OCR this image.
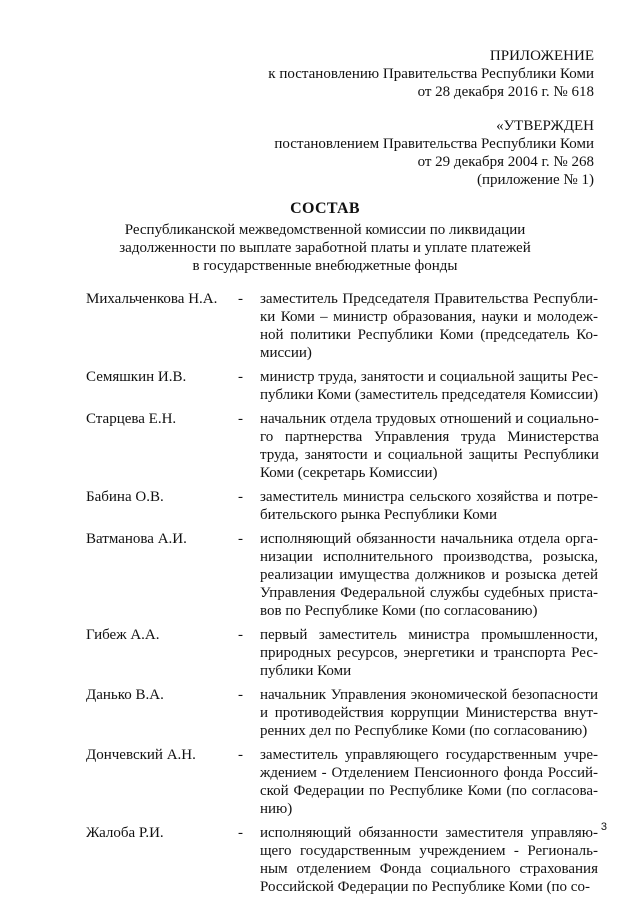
ПРИЛОЖЕНИЕ
к постановлению Правительства Республики Коми
от 28 декабря 2016 г. № 618
«УТВЕРЖДЕН
постановлением Правительства Республики Коми
от 29 декабря 2004 г. № 268
(приложение № 1)
СОСТАВ
Республиканской межведомственной комиссии по ликвидации
задолженности по выплате заработной платы и уплате платежей
в государственные внебюджетные фонды
Михальченкова Н.А.	-	заместитель Председателя Правительства Республи-
ки Коми – министр образования, науки и молодеж-
ной политики Республики Коми (председатель Ко-
миссии)
Семяшкин И.В.	-	министр труда, занятости и социальной защиты Рес-
публики Коми (заместитель председателя Комиссии)
Старцева Е.Н.	-	начальник отдела трудовых отношений и социально-
го партнерства Управления труда Министерства
труда, занятости и социальной защиты Республики
Коми (секретарь Комиссии)
Бабина О.В.	-	заместитель министра сельского хозяйства и потре-
бительского рынка Республики Коми
Ватманова А.И.	-	исполняющий обязанности начальника отдела орга-
низации исполнительного производства, розыска,
реализации имущества должников и розыска детей
Управления Федеральной службы судебных приста-
вов по Республике Коми (по согласованию)
Гибеж А.А.	-	первый заместитель министра промышленности,
природных ресурсов, энергетики и транспорта Рес-
публики Коми
Данько В.А.	-	начальник Управления экономической безопасности
и противодействия коррупции Министерства внут-
ренних дел по Республике Коми (по согласованию)
Дончевский А.Н.	-	заместитель управляющего государственным учре-
ждением - Отделением Пенсионного фонда Россий-
ской Федерации по Республике Коми (по согласова-
нию)
Жалоба Р.И.	-	исполняющий обязанности заместителя управляю-
щего государственным учреждением - Региональ-
ным отделением Фонда социального страхования
Российской Федерации по Республике Коми (по со-
3
